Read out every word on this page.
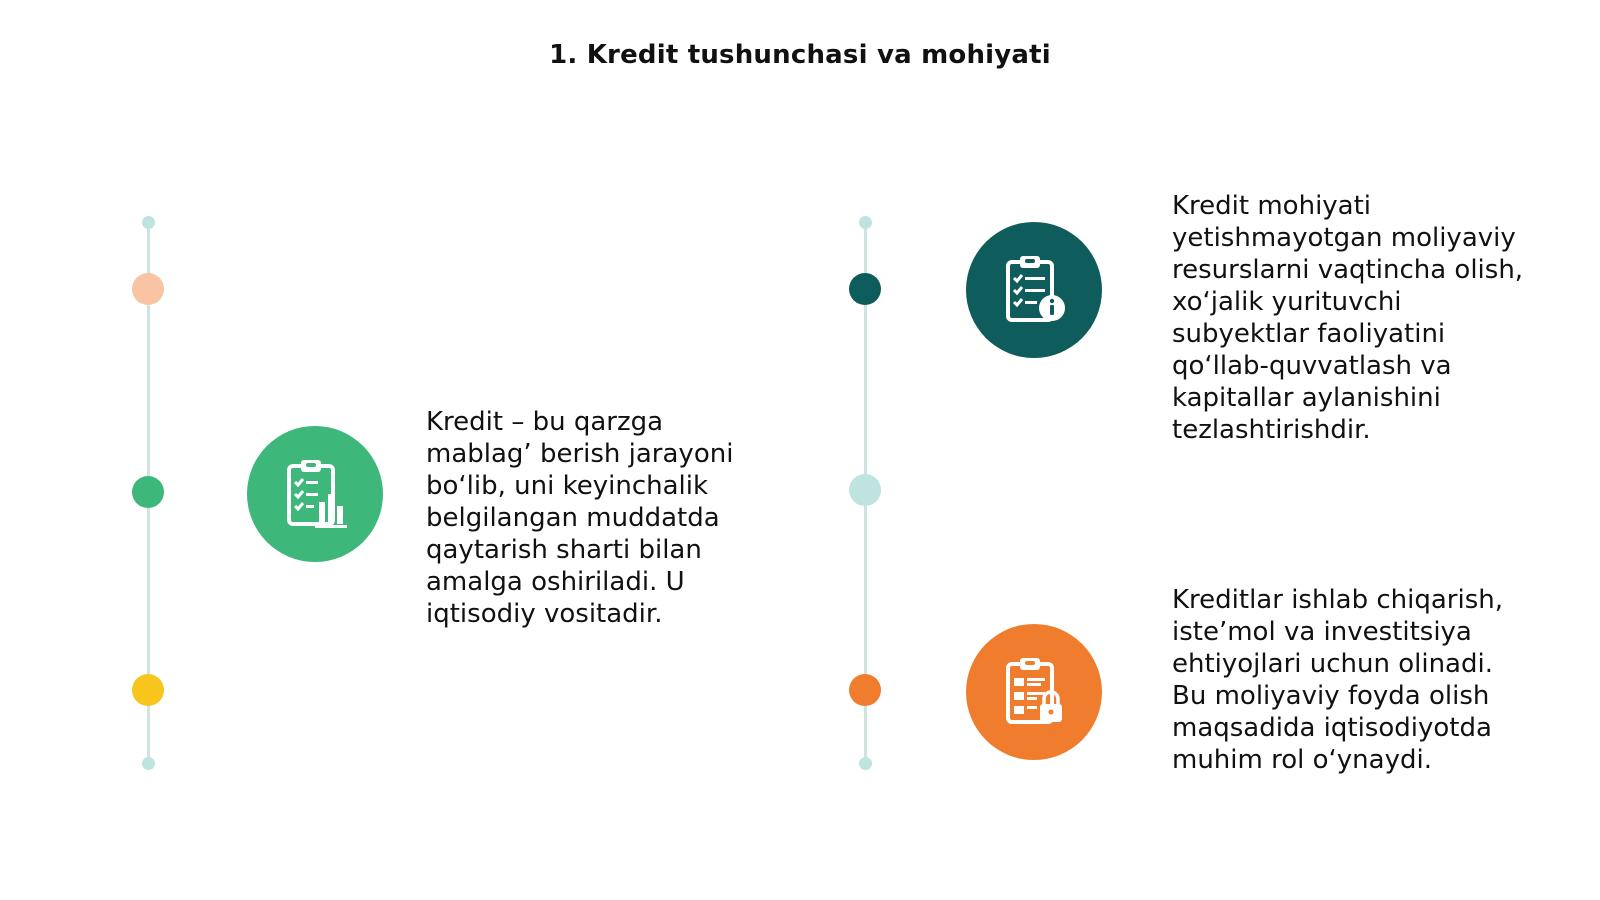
1. Kredit tushunchasi va mohiyati
Kredit – bu qarzga
mablag’ berish jarayoni
bo‘lib, uni keyinchalik
belgilangan muddatda
qaytarish sharti bilan
amalga oshiriladi. U
iqtisodiy vositadir.
Kredit mohiyati
yetishmayotgan moliyaviy
resurslarni vaqtincha olish,
xo‘jalik yurituvchi
subyektlar faoliyatini
qo‘llab-quvvatlash va
kapitallar aylanishini
tezlashtirishdir.
Kreditlar ishlab chiqarish,
iste’mol va investitsiya
ehtiyojlari uchun olinadi.
Bu moliyaviy foyda olish
maqsadida iqtisodiyotda
muhim rol o‘ynaydi.
